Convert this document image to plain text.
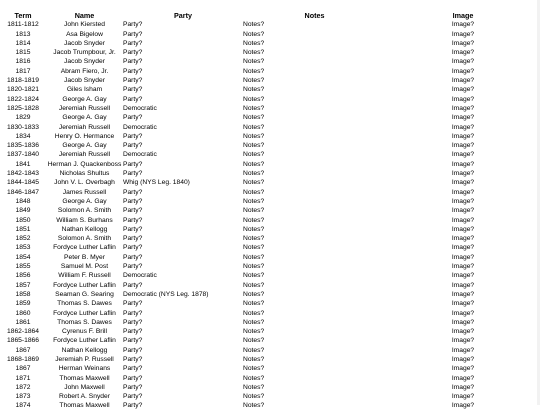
Term	Name	Party	Notes	Image
1811-1812	John Kiersted	Party?	Notes?	Image?
1813	Asa Bigelow	Party?	Notes?	Image?
1814	Jacob Snyder	Party?	Notes?	Image?
1815	Jacob Trumpbour, Jr.	Party?	Notes?	Image?
1816	Jacob Snyder	Party?	Notes?	Image?
1817	Abram Fiero, Jr.	Party?	Notes?	Image?
1818-1819	Jacob Snyder	Party?	Notes?	Image?
1820-1821	Giles Isham	Party?	Notes?	Image?
1822-1824	George A. Gay	Party?	Notes?	Image?
1825-1828	Jeremiah Russell	Democratic	Notes?	Image?
1829	George A. Gay	Party?	Notes?	Image?
1830-1833	Jeremiah Russell	Democratic	Notes?	Image?
1834	Henry O. Hermance	Party?	Notes?	Image?
1835-1836	George A. Gay	Party?	Notes?	Image?
1837-1840	Jeremiah Russell	Democratic	Notes?	Image?
1841	Herman J. Quackenboss	Party?	Notes?	Image?
1842-1843	Nicholas Shultus	Party?	Notes?	Image?
1844-1845	John V. L. Overbagh	Whig (NYS Leg. 1840)	Notes?	Image?
1846-1847	James Russell	Party?	Notes?	Image?
1848	George A. Gay	Party?	Notes?	Image?
1849	Solomon A. Smith	Party?	Notes?	Image?
1850	William S. Burhans	Party?	Notes?	Image?
1851	Nathan Kellogg	Party?	Notes?	Image?
1852	Solomon A. Smith	Party?	Notes?	Image?
1853	Fordyce Luther Laflin	Party?	Notes?	Image?
1854	Peter B. Myer	Party?	Notes?	Image?
1855	Samuel M. Post	Party?	Notes?	Image?
1856	William F. Russell	Democratic	Notes?	Image?
1857	Fordyce Luther Laflin	Party?	Notes?	Image?
1858	Seaman G. Searing	Democratic (NYS Leg. 1878)	Notes?	Image?
1859	Thomas S. Dawes	Party?	Notes?	Image?
1860	Fordyce Luther Laflin	Party?	Notes?	Image?
1861	Thomas S. Dawes	Party?	Notes?	Image?
1862-1864	Cyrenus F. Brill	Party?	Notes?	Image?
1865-1866	Fordyce Luther Laflin	Party?	Notes?	Image?
1867	Nathan Kellogg	Party?	Notes?	Image?
1868-1869	Jeremiah P. Russell	Party?	Notes?	Image?
1867	Herman Weinans	Party?	Notes?	Image?
1871	Thomas Maxwell	Party?	Notes?	Image?
1872	John Maxwell	Party?	Notes?	Image?
1873	Robert A. Snyder	Party?	Notes?	Image?
1874	Thomas Maxwell	Party?	Notes?	Image?
